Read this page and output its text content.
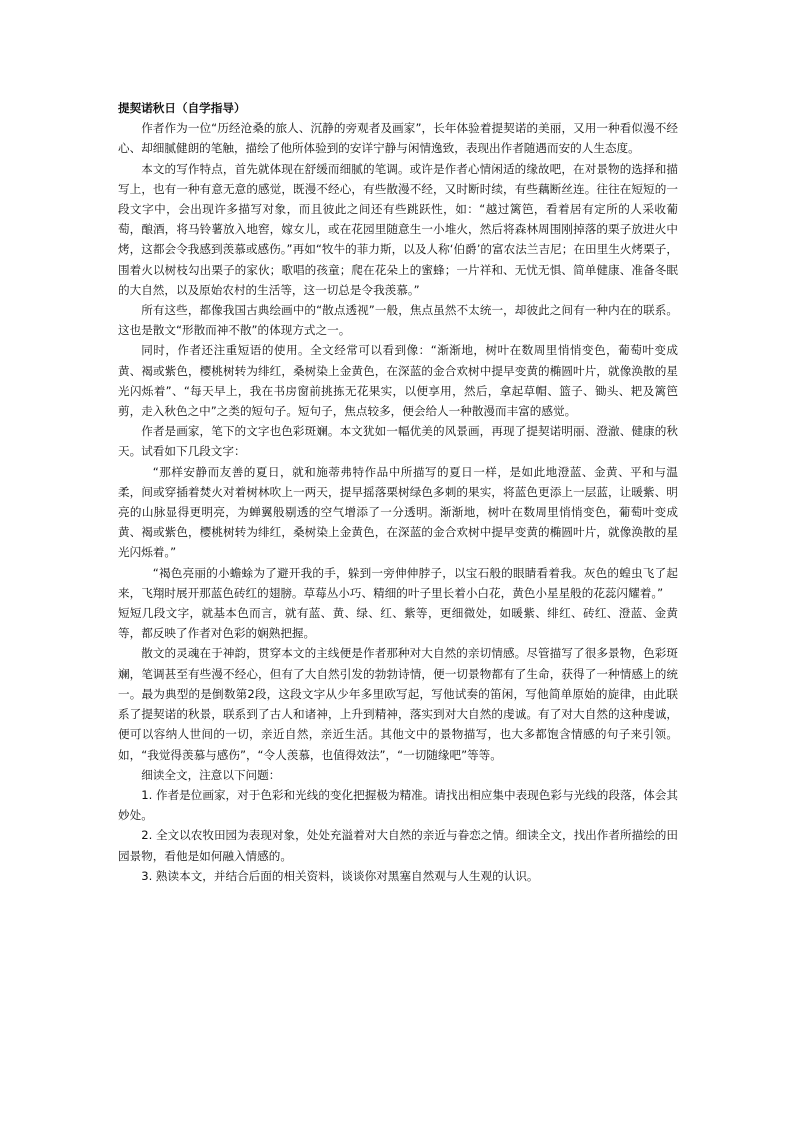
提契诺秋日（自学指导）

作者作为一位“历经沧桑的旅人、沉静的旁观者及画家”，长年体验着提契诺的美丽，又用一种看似漫不经心、却细腻健朗的笔触，描绘了他所体验到的安详宁静与闲情逸致，表现出作者随遇而安的人生态度。

本文的写作特点，首先就体现在舒缓而细腻的笔调。或许是作者心情闲适的缘故吧，在对景物的选择和描写上，也有一种有意无意的感觉，既漫不经心，有些散漫不经，又时断时续，有些藕断丝连。往往在短短的一段文字中，会出现许多描写对象，而且彼此之间还有些跳跃性，如：“越过篱笆，看着居有定所的人采收葡萄，酿酒，将马铃薯放入地窖，嫁女儿，或在花园里随意生一小堆火，然后将森林周围刚掉落的栗子放进火中烤，这都会令我感到羡慕或感伤。”再如“牧牛的菲力斯，以及人称‘伯爵’的富农法兰吉尼；在田里生火烤栗子，围着火以树枝勾出栗子的家伙；歌唱的孩童；爬在花朵上的蜜蜂；一片祥和、无忧无惧、简单健康、准备冬眠的大自然，以及原始农村的生活等，这一切总是令我羡慕。”

所有这些，都像我国古典绘画中的“散点透视”一般，焦点虽然不太统一，却彼此之间有一种内在的联系。这也是散文“形散而神不散”的体现方式之一。

同时，作者还注重短语的使用。全文经常可以看到像：“渐渐地，树叶在数周里悄悄变色，葡萄叶变成黄、褐或紫色，樱桃树转为绯红，桑树染上金黄色，在深蓝的金合欢树中提早变黄的椭圆叶片，就像涣散的星光闪烁着”、“每天早上，我在书房窗前挑拣无花果实，以便享用，然后，拿起草帽、篮子、锄头、耙及篱笆剪，走入秋色之中”之类的短句子。短句子，焦点较多，便会给人一种散漫而丰富的感觉。

作者是画家，笔下的文字也色彩斑斓。本文犹如一幅优美的风景画，再现了提契诺明丽、澄澈、健康的秋天。试看如下几段文字：

“那样安静而友善的夏日，就和施蒂弗特作品中所描写的夏日一样，是如此地澄蓝、金黄、平和与温柔，间或穿插着焚火对着树林吹上一两天，提早摇落栗树绿色多刺的果实，将蓝色更添上一层蓝，让暖紫、明亮的山脉显得更明亮，为蝉翼般剔透的空气增添了一分透明。渐渐地，树叶在数周里悄悄变色，葡萄叶变成黄、褐或紫色，樱桃树转为绯红，桑树染上金黄色，在深蓝的金合欢树中提早变黄的椭圆叶片，就像涣散的星光闪烁着。”

“褐色亮丽的小蟾蜍为了避开我的手，躲到一旁伸伸脖子，以宝石般的眼睛看着我。灰色的蝗虫飞了起来，飞翔时展开那蓝色砖红的翅膀。草莓丛小巧、精细的叶子里长着小白花，黄色小星星般的花蕊闪耀着。”

短短几段文字，就基本色而言，就有蓝、黄、绿、红、紫等，更细微处，如暖紫、绯红、砖红、澄蓝、金黄等，都反映了作者对色彩的娴熟把握。

散文的灵魂在于神韵，贯穿本文的主线便是作者那种对大自然的亲切情感。尽管描写了很多景物，色彩斑斓，笔调甚至有些漫不经心，但有了大自然引发的勃勃诗情，便一切景物都有了生命，获得了一种情感上的统一。最为典型的是倒数第2段，这段文字从少年多里欧写起，写他试奏的笛闲，写他简单原始的旋律，由此联系了提契诺的秋景，联系到了古人和诸神，上升到精神，落实到对大自然的虔诚。有了对大自然的这种虔诚，便可以容纳人世间的一切，亲近自然，亲近生活。其他文中的景物描写，也大多都饱含情感的句子来引领。如，“我觉得羡慕与感伤”，“令人羡慕，也值得效法”，“一切随缘吧”等等。

细读全文，注意以下问题：

1. 作者是位画家，对于色彩和光线的变化把握极为精准。请找出相应集中表现色彩与光线的段落，体会其妙处。

2. 全文以农牧田园为表现对象，处处充溢着对大自然的亲近与眷恋之情。细读全文，找出作者所描绘的田园景物，看他是如何融入情感的。

3. 熟读本文，并结合后面的相关资料，谈谈你对黑塞自然观与人生观的认识。
